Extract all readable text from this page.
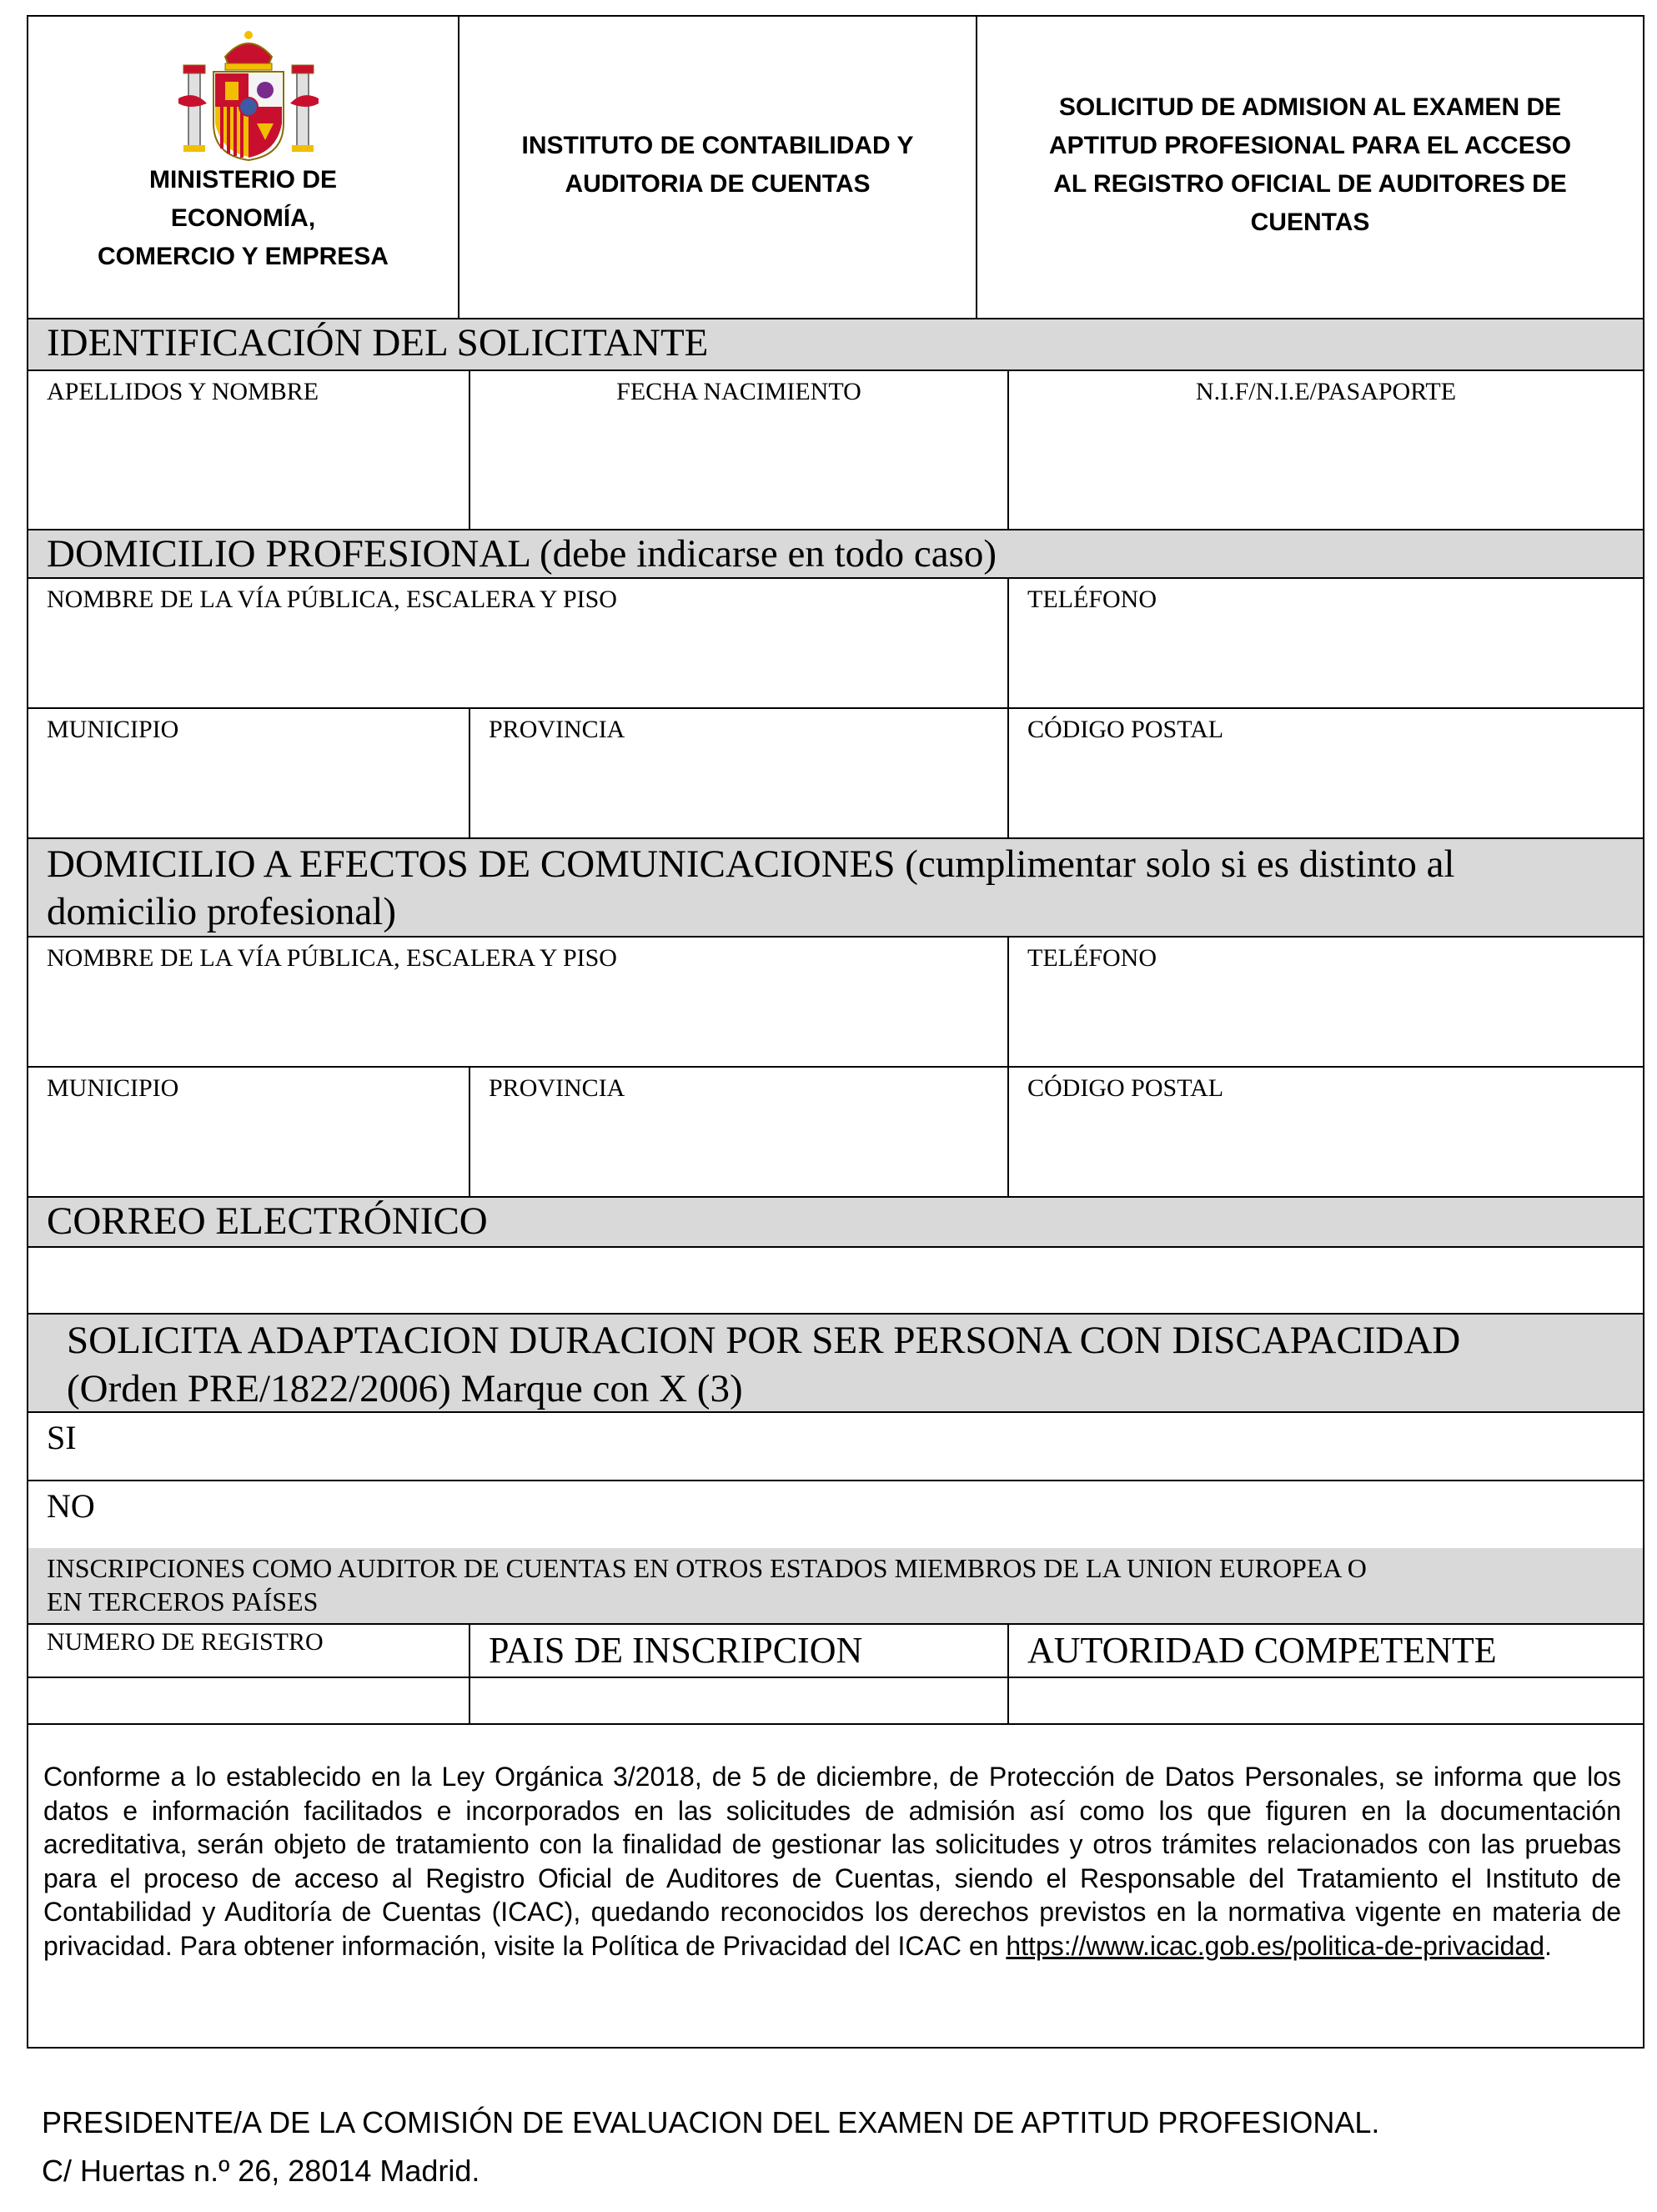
MINISTERIO DE
ECONOMÍA,
COMERCIO Y EMPRESA
INSTITUTO DE CONTABILIDAD Y
AUDITORIA DE CUENTAS
SOLICITUD DE ADMISION AL EXAMEN DE
APTITUD PROFESIONAL PARA EL ACCESO
AL REGISTRO OFICIAL DE AUDITORES DE
CUENTAS
IDENTIFICACIÓN DEL SOLICITANTE
APELLIDOS Y NOMBRE	FECHA NACIMIENTO	N.I.F/N.I.E/PASAPORTE
DOMICILIO PROFESIONAL (debe indicarse en todo caso)
NOMBRE DE LA VÍA PÚBLICA, ESCALERA Y PISO	TELÉFONO
MUNICIPIO	PROVINCIA	CÓDIGO POSTAL
DOMICILIO A EFECTOS DE COMUNICACIONES (cumplimentar solo si es distinto al
domicilio profesional)
NOMBRE DE LA VÍA PÚBLICA, ESCALERA Y PISO	TELÉFONO
MUNICIPIO	PROVINCIA	CÓDIGO POSTAL
CORREO ELECTRÓNICO
SOLICITA ADAPTACION DURACION POR SER PERSONA CON DISCAPACIDAD
(Orden PRE/1822/2006) Marque con X (3)
SI
NO
INSCRIPCIONES COMO AUDITOR DE CUENTAS EN OTROS ESTADOS MIEMBROS DE LA UNION EUROPEA O
EN TERCEROS PAÍSES
NUMERO DE REGISTRO	PAIS DE INSCRIPCION	AUTORIDAD COMPETENTE
Conforme a lo establecido en la Ley Orgánica 3/2018, de 5 de diciembre, de Protección de Datos Personales, se informa que los datos e información facilitados e incorporados en las solicitudes de admisión así como los que figuren en la documentación acreditativa, serán objeto de tratamiento con la finalidad de gestionar las solicitudes y otros trámites relacionados con las pruebas para el proceso de acceso al Registro Oficial de Auditores de Cuentas, siendo el Responsable del Tratamiento el Instituto de Contabilidad y Auditoría de Cuentas (ICAC), quedando reconocidos los derechos previstos en la normativa vigente en materia de privacidad. Para obtener información, visite la Política de Privacidad del ICAC en https://www.icac.gob.es/politica-de-privacidad.
PRESIDENTE/A DE LA COMISIÓN DE EVALUACION DEL EXAMEN DE APTITUD PROFESIONAL.
C/ Huertas n.º 26, 28014 Madrid.
